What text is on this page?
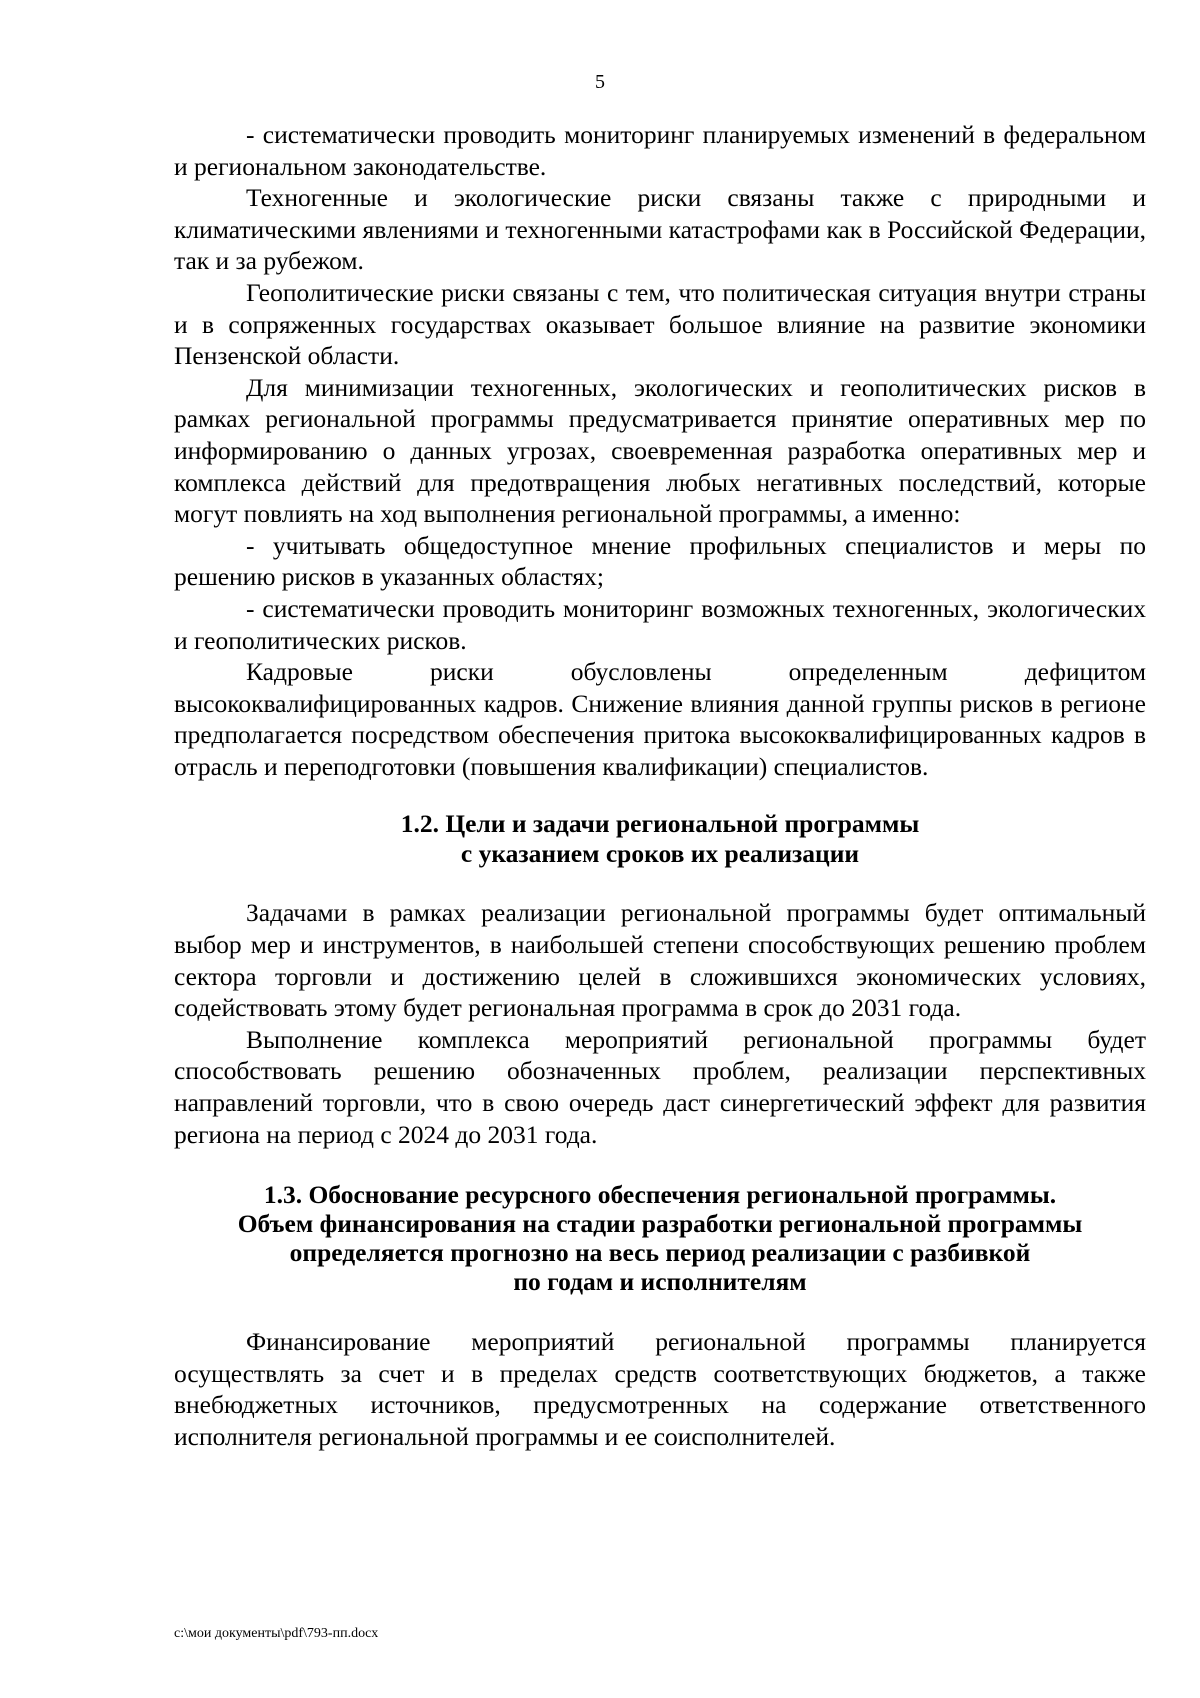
5

- систематически проводить мониторинг планируемых изменений в федеральном и региональном законодательстве.

Техногенные и экологические риски связаны также с природными и климатическими явлениями и техногенными катастрофами как в Российской Федерации, так и за рубежом.

Геополитические риски связаны с тем, что политическая ситуация внутри страны и в сопряженных государствах оказывает большое влияние на развитие экономики Пензенской области.

Для минимизации техногенных, экологических и геополитических рисков в рамках региональной программы предусматривается принятие оперативных мер по информированию о данных угрозах, своевременная разработка оперативных мер и комплекса действий для предотвращения любых негативных последствий, которые могут повлиять на ход выполнения региональной программы, а именно:

- учитывать общедоступное мнение профильных специалистов и меры по решению рисков в указанных областях;

- систематически проводить мониторинг возможных техногенных, экологических и геополитических рисков.

Кадровые риски обусловлены определенным дефицитом высококвалифицированных кадров. Снижение влияния данной группы рисков в регионе предполагается посредством обеспечения притока высококвалифицированных кадров в отрасль и переподготовки (повышения квалификации) специалистов.

1.2. Цели и задачи региональной программы
с указанием сроков их реализации

Задачами в рамках реализации региональной программы будет оптимальный выбор мер и инструментов, в наибольшей степени способствующих решению проблем сектора торговли и достижению целей в сложившихся экономических условиях, содействовать этому будет региональная программа в срок до 2031 года.

Выполнение комплекса мероприятий региональной программы будет способствовать решению обозначенных проблем, реализации перспективных направлений торговли, что в свою очередь даст синергетический эффект для развития региона на период с 2024 до 2031 года.

1.3. Обоснование ресурсного обеспечения региональной программы.
Объем финансирования на стадии разработки региональной программы
определяется прогнозно на весь период реализации с разбивкой
по годам и исполнителям

Финансирование мероприятий региональной программы планируется осуществлять за счет и в пределах средств соответствующих бюджетов, а также внебюджетных источников, предусмотренных на содержание ответственного исполнителя региональной программы и ее соисполнителей.

c:\мои документы\pdf\793-пп.docx
